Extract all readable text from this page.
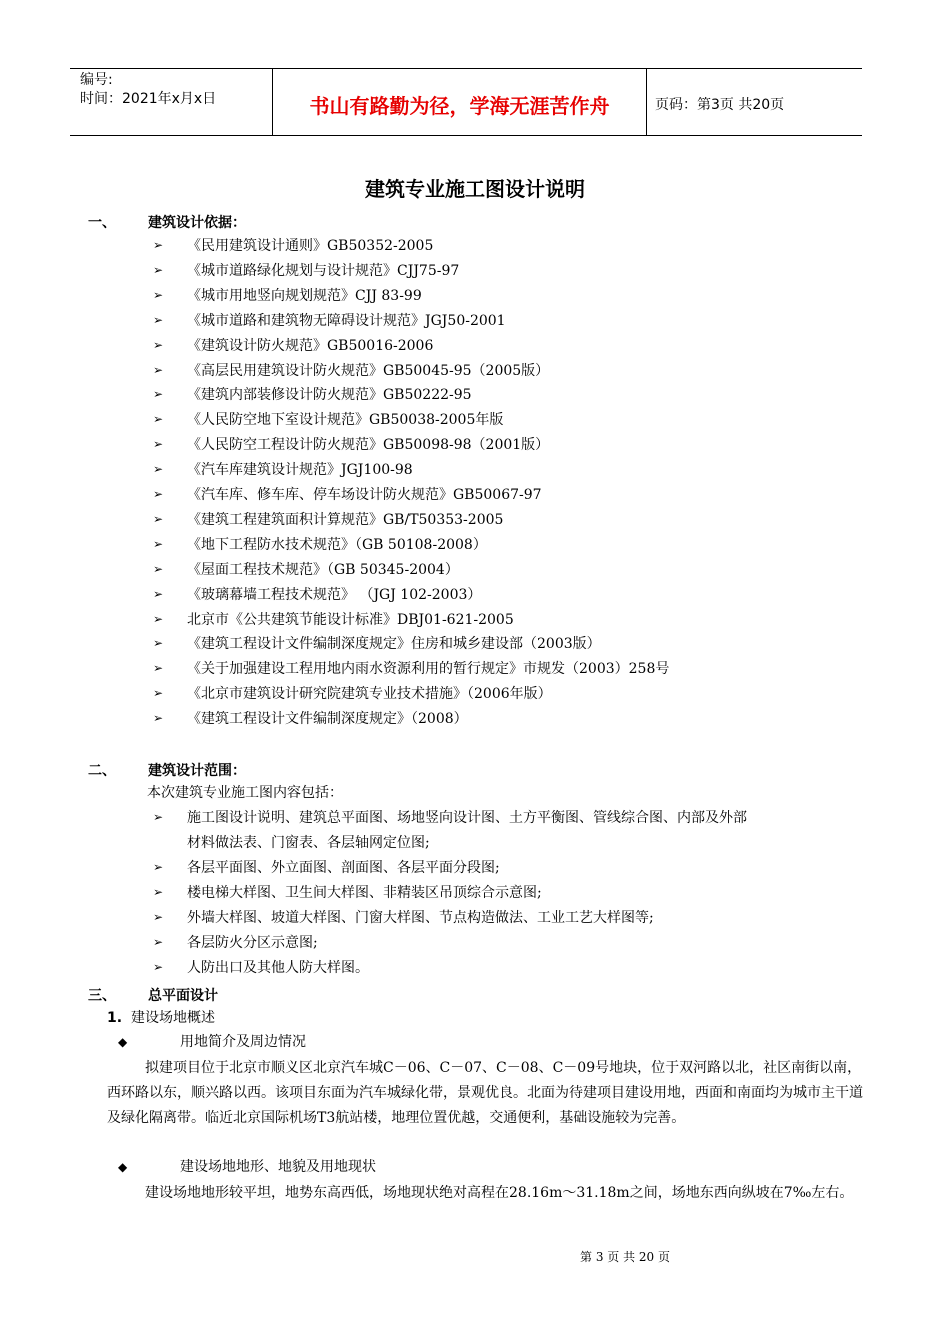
编号:
时间：2021年x月x日	书山有路勤为径，学海无涯苦作舟	页码：第3页 共20页
建筑专业施工图设计说明
一、 建筑设计依据：
➢ 《民用建筑设计通则》GB50352-2005
➢ 《城市道路绿化规划与设计规范》CJJ75-97
➢ 《城市用地竖向规划规范》CJJ 83-99
➢ 《城市道路和建筑物无障碍设计规范》JGJ50-2001
➢ 《建筑设计防火规范》GB50016-2006
➢ 《高层民用建筑设计防火规范》GB50045-95（2005版）
➢ 《建筑内部装修设计防火规范》GB50222-95
➢ 《人民防空地下室设计规范》GB50038-2005年版
➢ 《人民防空工程设计防火规范》GB50098-98（2001版）
➢ 《汽车库建筑设计规范》JGJ100-98
➢ 《汽车库、修车库、停车场设计防火规范》GB50067-97
➢ 《建筑工程建筑面积计算规范》GB/T50353-2005
➢ 《地下工程防水技术规范》（GB 50108-2008）
➢ 《屋面工程技术规范》（GB 50345-2004）
➢ 《玻璃幕墙工程技术规范》 （JGJ 102-2003）
➢ 北京市《公共建筑节能设计标准》DBJ01-621-2005
➢ 《建筑工程设计文件编制深度规定》住房和城乡建设部（2003版）
➢ 《关于加强建设工程用地内雨水资源利用的暂行规定》市规发（2003）258号
➢ 《北京市建筑设计研究院建筑专业技术措施》（2006年版）
➢ 《建筑工程设计文件编制深度规定》（2008）
二、 建筑设计范围：
本次建筑专业施工图内容包括：
➢ 施工图设计说明、建筑总平面图、场地竖向设计图、土方平衡图、管线综合图、内部及外部
材料做法表、门窗表、各层轴网定位图;
➢ 各层平面图、外立面图、剖面图、各层平面分段图;
➢ 楼电梯大样图、卫生间大样图、非精装区吊顶综合示意图;
➢ 外墙大样图、坡道大样图、门窗大样图、节点构造做法、工业工艺大样图等;
➢ 各层防火分区示意图;
➢ 人防出口及其他人防大样图。
三、 总平面设计
1. 建设场地概述
◆	用地简介及周边情况
拟建项目位于北京市顺义区北京汽车城C－06、C－07、C－08、C－09号地块，位于双河路以北，社区南街以南，西环路以东，顺兴路以西。该项目东面为汽车城绿化带，景观优良。北面为待建项目建设用地，西面和南面均为城市主干道及绿化隔离带。临近北京国际机场T3航站楼，地理位置优越，交通便利，基础设施较为完善。
◆	建设场地地形、地貌及用地现状
建设场地地形较平坦，地势东高西低，场地现状绝对高程在28.16m～31.18m之间，场地东西向纵坡在7‰左右。
第 3 页 共 20 页
